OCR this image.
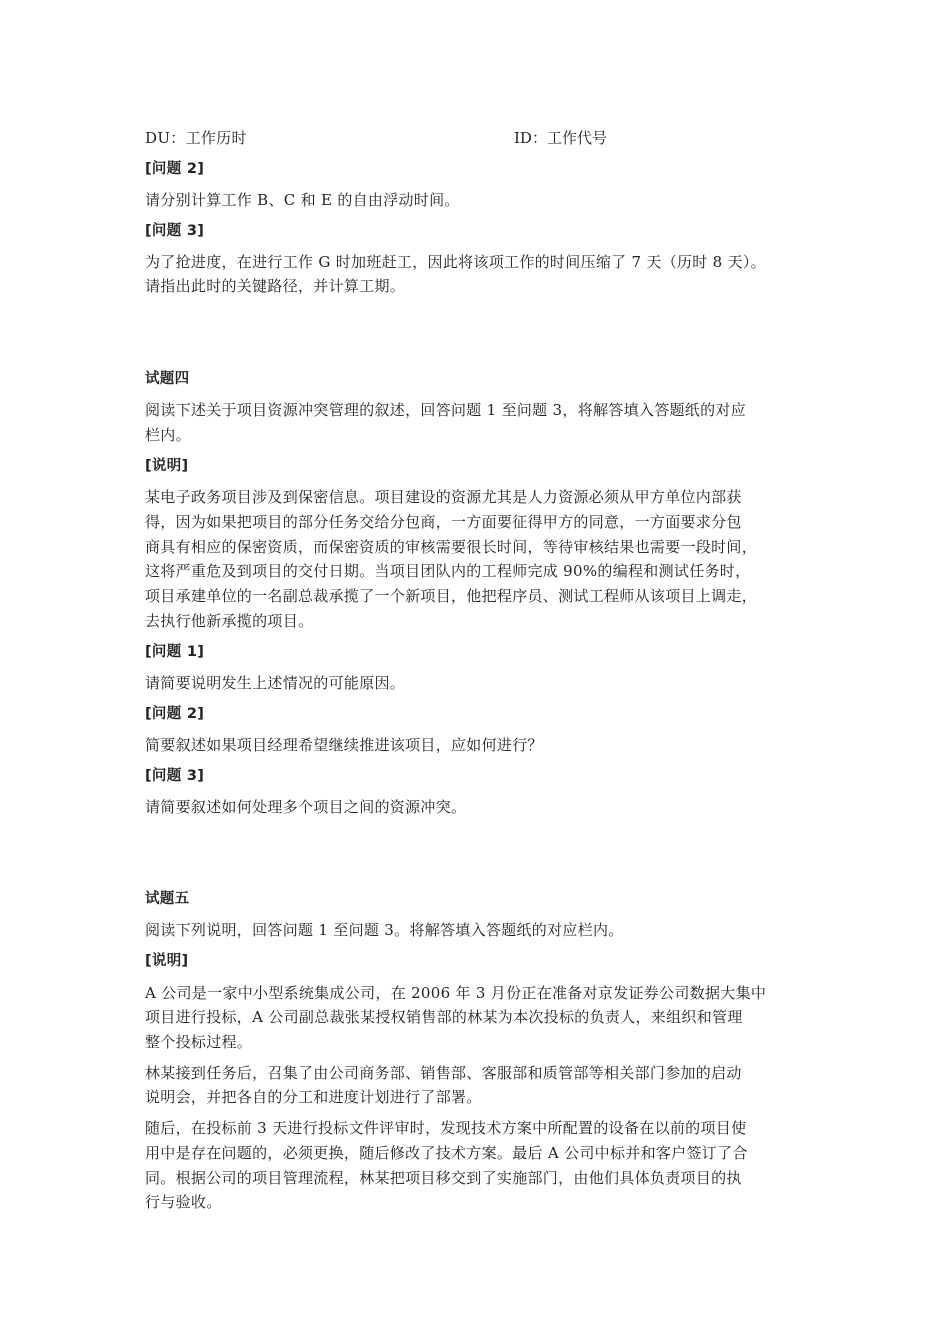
DU：工作历时	ID：工作代号
[问题 2]
请分别计算工作 B、C 和 E 的自由浮动时间。
[问题 3]
为了抢进度，在进行工作 G 时加班赶工，因此将该项工作的时间压缩了 7 天（历时 8 天）。
请指出此时的关键路径，并计算工期。
试题四
阅读下述关于项目资源冲突管理的叙述，回答问题 1 至问题 3，将解答填入答题纸的对应
栏内。
[说明]
某电子政务项目涉及到保密信息。项目建设的资源尤其是人力资源必须从甲方单位内部获
得，因为如果把项目的部分任务交给分包商，一方面要征得甲方的同意，一方面要求分包
商具有相应的保密资质，而保密资质的审核需要很长时间，等待审核结果也需要一段时间，
这将严重危及到项目的交付日期。当项目团队内的工程师完成 90%的编程和测试任务时，
项目承建单位的一名副总裁承揽了一个新项目，他把程序员、测试工程师从该项目上调走，
去执行他新承揽的项目。
[问题 1]
请简要说明发生上述情况的可能原因。
[问题 2]
简要叙述如果项目经理希望继续推进该项目，应如何进行？
[问题 3]
请简要叙述如何处理多个项目之间的资源冲突。
试题五
阅读下列说明，回答问题 1 至问题 3。将解答填入答题纸的对应栏内。
[说明]
A 公司是一家中小型系统集成公司，在 2006 年 3 月份正在准备对京发证券公司数据大集中
项目进行投标，A 公司副总裁张某授权销售部的林某为本次投标的负责人，来组织和管理
整个投标过程。
林某接到任务后，召集了由公司商务部、销售部、客服部和质管部等相关部门参加的启动
说明会，并把各自的分工和进度计划进行了部署。
随后，在投标前 3 天进行投标文件评审时，发现技术方案中所配置的设备在以前的项目使
用中是存在问题的，必须更换，随后修改了技术方案。最后 A 公司中标并和客户签订了合
同。根据公司的项目管理流程，林某把项目移交到了实施部门，由他们具体负责项目的执
行与验收。
